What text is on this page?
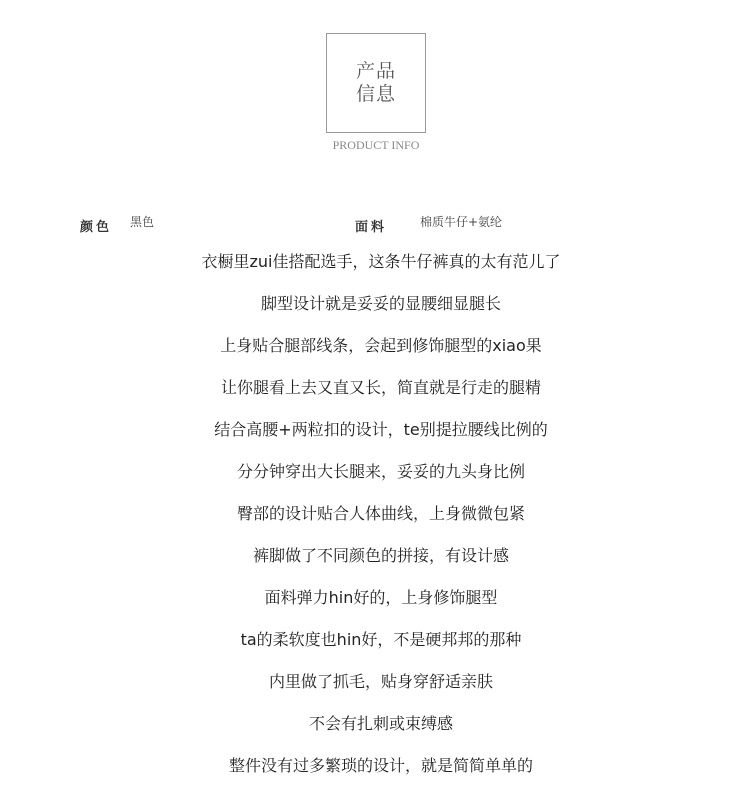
产品
信息
PRODUCT INFO
颜色 黑色	面料	棉质牛仔+氨纶
衣橱里zui佳搭配选手，这条牛仔裤真的太有范儿了
脚型设计就是妥妥的显腰细显腿长
上身贴合腿部线条，会起到修饰腿型的xiao果
让你腿看上去又直又长，简直就是行走的腿精
结合高腰+两粒扣的设计，te别提拉腰线比例的
分分钟穿出大长腿来，妥妥的九头身比例
臀部的设计贴合人体曲线，上身微微包紧
裤脚做了不同颜色的拼接，有设计感
面料弹力hin好的，上身修饰腿型
ta的柔软度也hin好，不是硬邦邦的那种
内里做了抓毛，贴身穿舒适亲肤
不会有扎刺或束缚感
整件没有过多繁琐的设计，就是简简单单的
